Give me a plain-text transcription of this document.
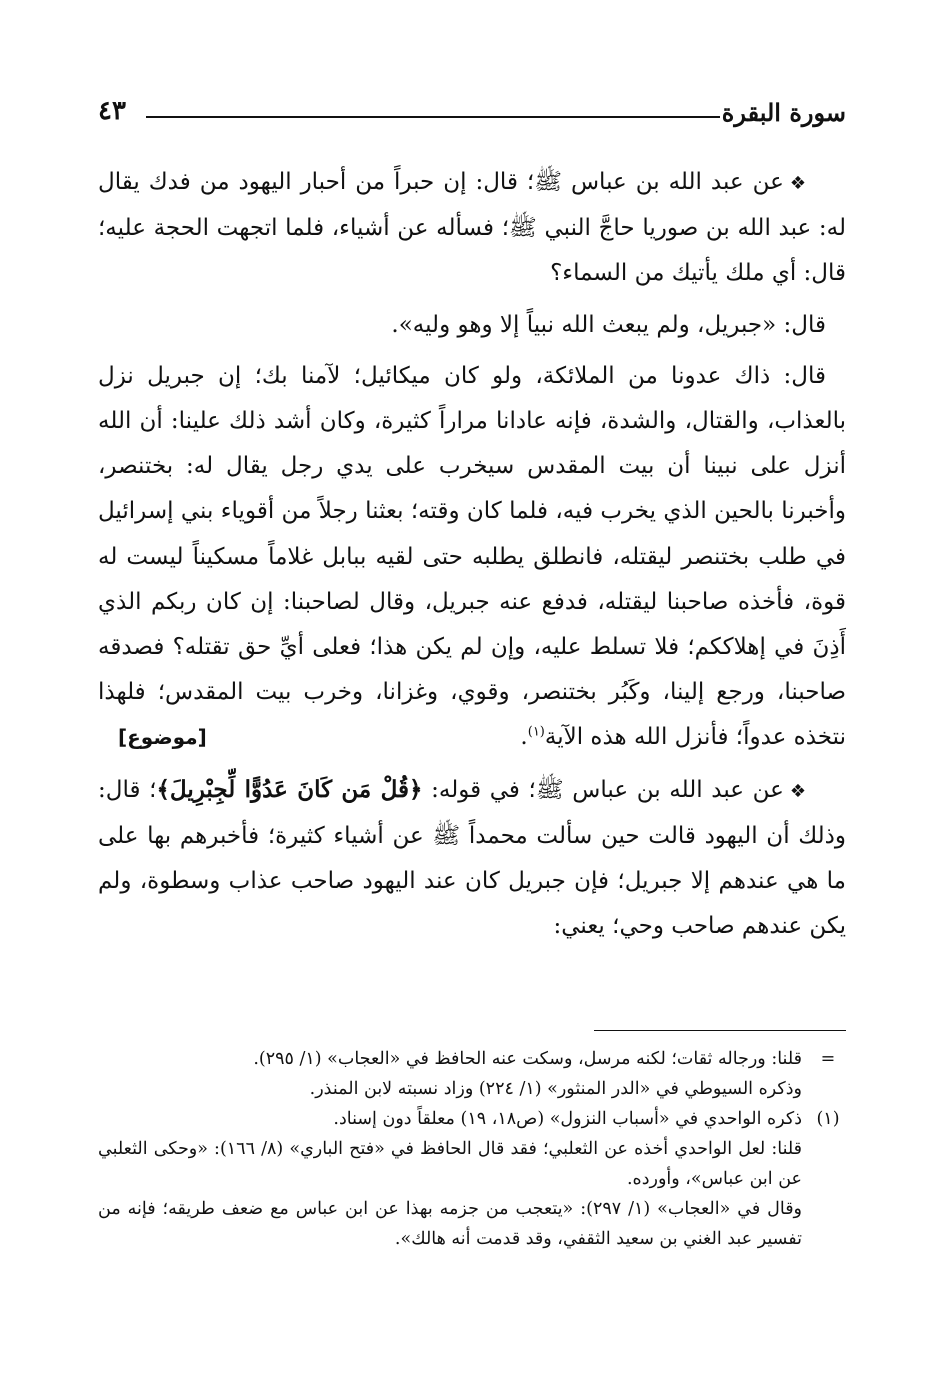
سورة البقرة
٤٣

❖عن عبد الله بن عباس ﷺ؛ قال: إن حبراً من أحبار اليهود من فدك يقال له: عبد الله بن صوريا حاجَّ النبي ﷺ؛ فسأله عن أشياء، فلما اتجهت الحجة عليه؛ قال: أي ملك يأتيك من السماء؟

قال: «جبريل، ولم يبعث الله نبياً إلا وهو وليه».

قال: ذاك عدونا من الملائكة، ولو كان ميكائيل؛ لآمنا بك؛ إن جبريل نزل بالعذاب، والقتال، والشدة، فإنه عادانا مراراً كثيرة، وكان أشد ذلك علينا: أن الله أنزل على نبينا أن بيت المقدس سيخرب على يدي رجل يقال له: بختنصر، وأخبرنا بالحين الذي يخرب فيه، فلما كان وقته؛ بعثنا رجلاً من أقوياء بني إسرائيل في طلب بختنصر ليقتله، فانطلق يطلبه حتى لقيه ببابل غلاماً مسكيناً ليست له قوة، فأخذه صاحبنا ليقتله، فدفع عنه جبريل، وقال لصاحبنا: إن كان ربكم الذي أَذِنَ في إهلاككم؛ فلا تسلط عليه، وإن لم يكن هذا؛ فعلى أيِّ حق تقتله؟ فصدقه صاحبنا، ورجع إلينا، وكَبُر بختنصر، وقوي، وغزانا، وخرب بيت المقدس؛ فلهذا نتخذه عدواً؛ فأنزل الله هذه الآية$^{(١)}$.
[موضوع]

❖عن عبد الله بن عباس ﷺ؛ في قوله: ﴿قُلْ مَن كَانَ عَدُوًّا لِّجِبْرِيلَ﴾؛ قال: وذلك أن اليهود قالت حين سألت محمداً ﷺ عن أشياء كثيرة؛ فأخبرهم بها على ما هي عندهم إلا جبريل؛ فإن جبريل كان عند اليهود صاحب عذاب وسطوة، ولم يكن عندهم صاحب وحي؛ يعني:

=
قلنا: ورجاله ثقات؛ لكنه مرسل، وسكت عنه الحافظ في «العجاب» (١/ ٢٩٥).
وذكره السيوطي في «الدر المنثور» (١/ ٢٢٤) وزاد نسبته لابن المنذر.

(١)
ذكره الواحدي في «أسباب النزول» (ص١٨، ١٩) معلقاً دون إسناد.

قلنا: لعل الواحدي أخذه عن الثعلبي؛ فقد قال الحافظ في «فتح الباري» (٨/ ١٦٦): «وحكى الثعلبي عن ابن عباس»، وأورده.

وقال في «العجاب» (١/ ٢٩٧): «يتعجب من جزمه بهذا عن ابن عباس مع ضعف طريقه؛ فإنه من تفسير عبد الغني بن سعيد الثقفي، وقد قدمت أنه هالك».
